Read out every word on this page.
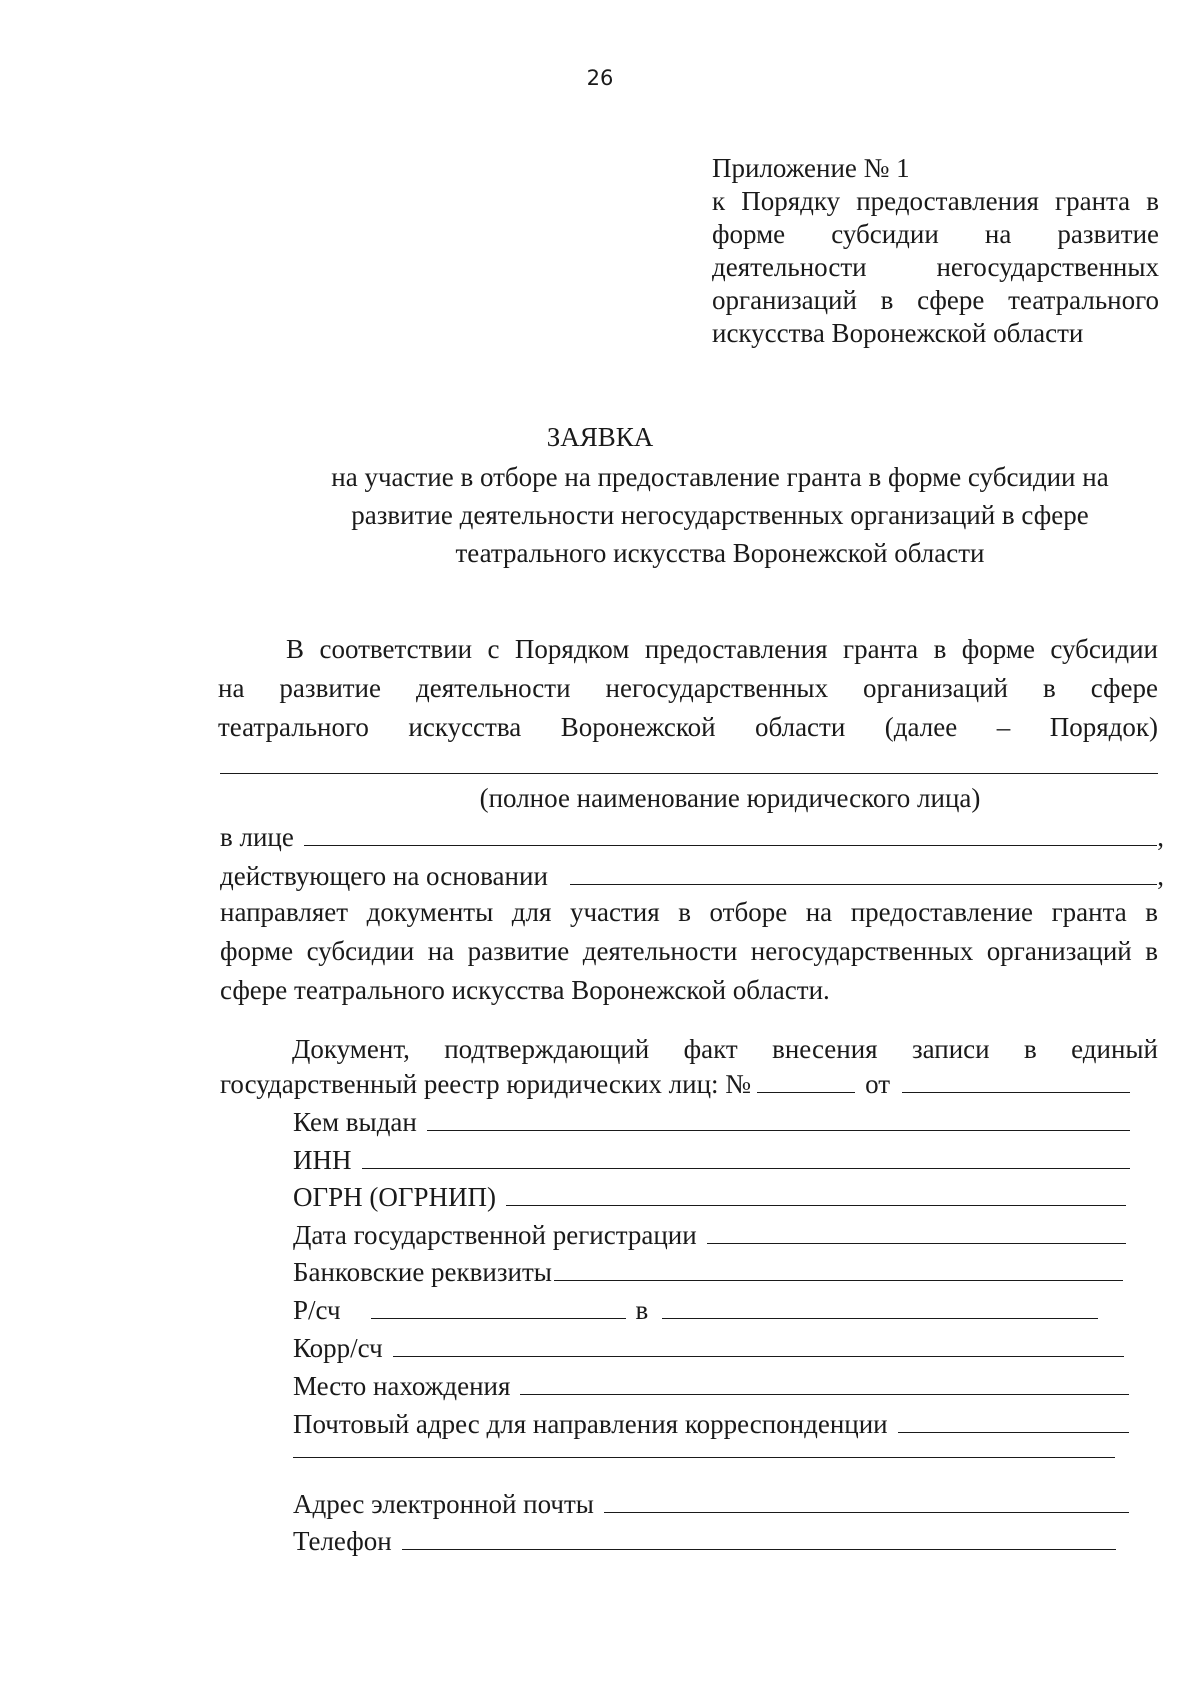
26
Приложение № 1
к Порядку предоставления гранта в
форме субсидии на развитие
деятельности негосударственных
организаций в сфере театрального
искусства Воронежской области
ЗАЯВКА
на участие в отборе на предоставление гранта в форме субсидии на
развитие деятельности негосударственных организаций в сфере
театрального искусства Воронежской области
В соответствии с Порядком предоставления гранта в форме субсидии
на развитие деятельности негосударственных организаций в сфере
театрального искусства Воронежской области (далее – Порядок)
(полное наименование юридического лица)
в лице	,
действующего на основании	,
направляет документы для участия в отборе на предоставление гранта в
форме субсидии на развитие деятельности негосударственных организаций в
сфере театрального искусства Воронежской области.
Документ, подтверждающий факт внесения записи в единый
государственный реестр юридических лиц: №	от
Кем выдан
ИНН
ОГРН (ОГРНИП)
Дата государственной регистрации
Банковские реквизиты
Р/сч	в
Корр/сч
Место нахождения
Почтовый адрес для направления корреспонденции
Адрес электронной почты
Телефон
